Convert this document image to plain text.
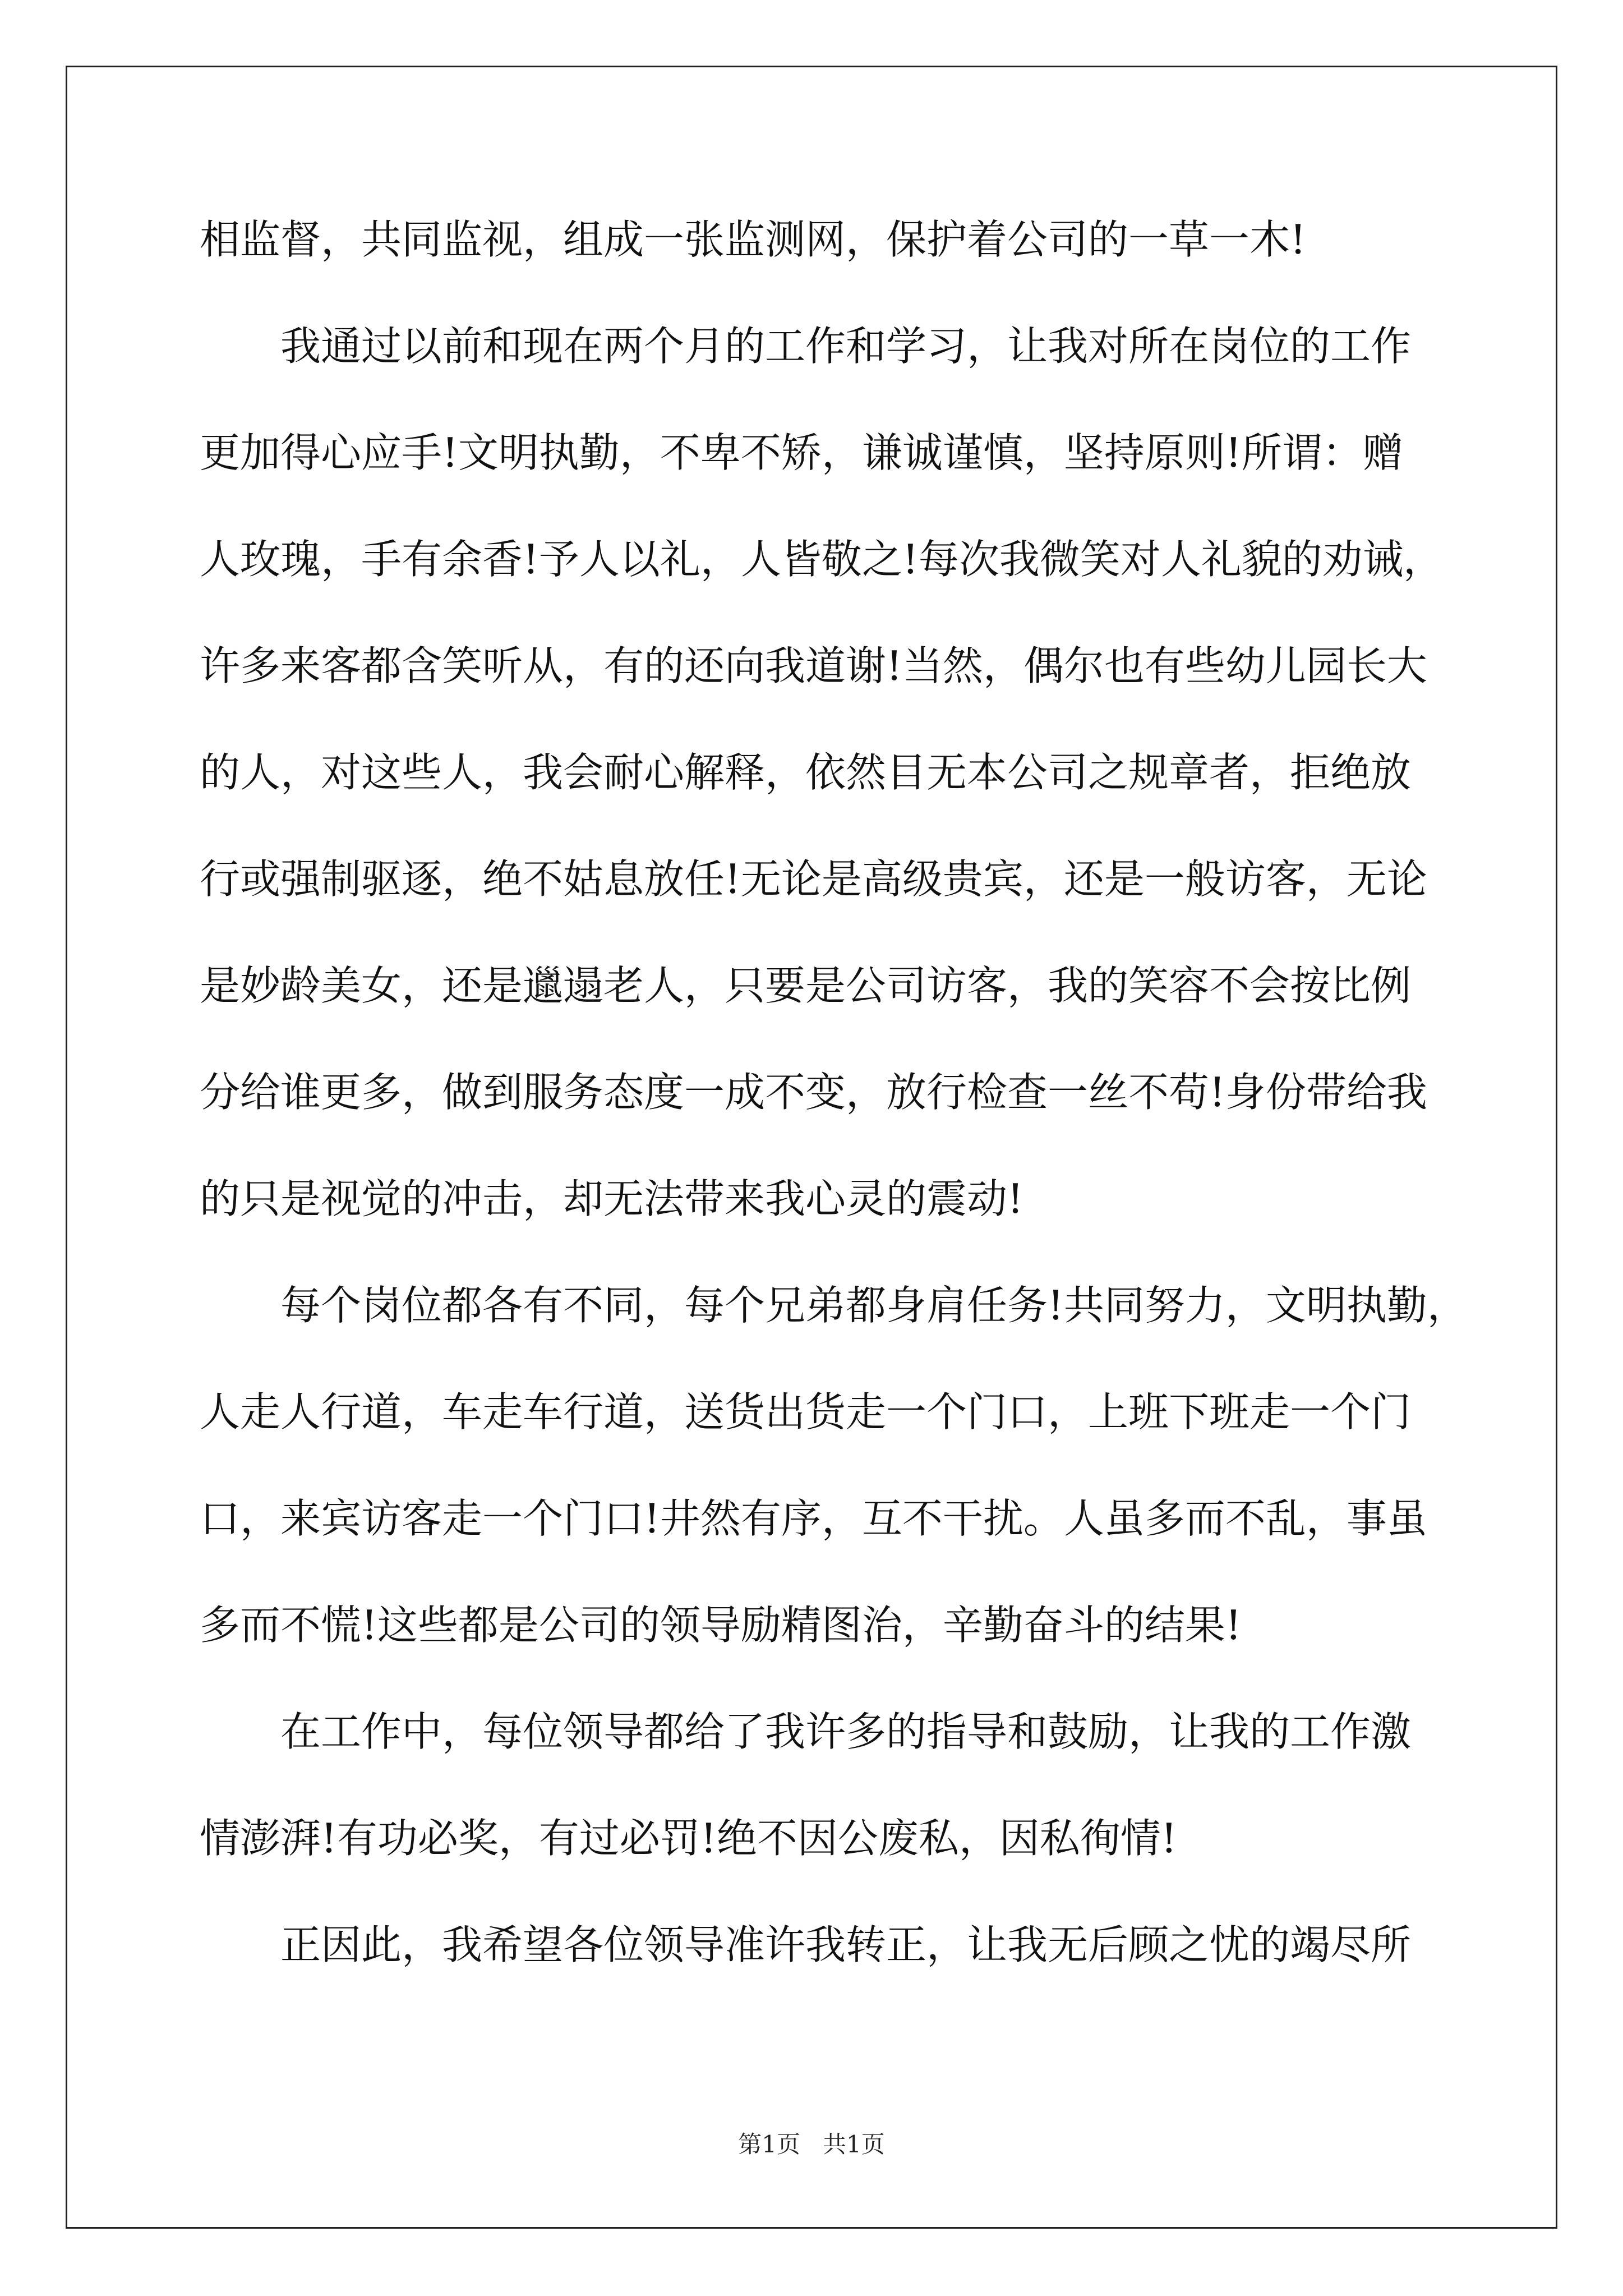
相监督，共同监视，组成一张监测网，保护着公司的一草一木!
我通过以前和现在两个月的工作和学习，让我对所在岗位的工作
更加得心应手!文明执勤，不卑不矫，谦诚谨慎，坚持原则!所谓：赠
人玫瑰，手有余香!予人以礼，人皆敬之!每次我微笑对人礼貌的劝诫，
许多来客都含笑听从，有的还向我道谢!当然，偶尔也有些幼儿园长大
的人，对这些人，我会耐心解释，依然目无本公司之规章者，拒绝放
行或强制驱逐，绝不姑息放任!无论是高级贵宾，还是一般访客，无论
是妙龄美女，还是邋遢老人，只要是公司访客，我的笑容不会按比例
分给谁更多，做到服务态度一成不变，放行检查一丝不苟!身份带给我
的只是视觉的冲击，却无法带来我心灵的震动!
每个岗位都各有不同，每个兄弟都身肩任务!共同努力，文明执勤，
人走人行道，车走车行道，送货出货走一个门口，上班下班走一个门
口，来宾访客走一个门口!井然有序，互不干扰。人虽多而不乱，事虽
多而不慌!这些都是公司的领导励精图治，辛勤奋斗的结果!
在工作中，每位领导都给了我许多的指导和鼓励，让我的工作激
情澎湃!有功必奖，有过必罚!绝不因公废私，因私徇情!
正因此，我希望各位领导准许我转正，让我无后顾之忧的竭尽所
第1页   共1页
